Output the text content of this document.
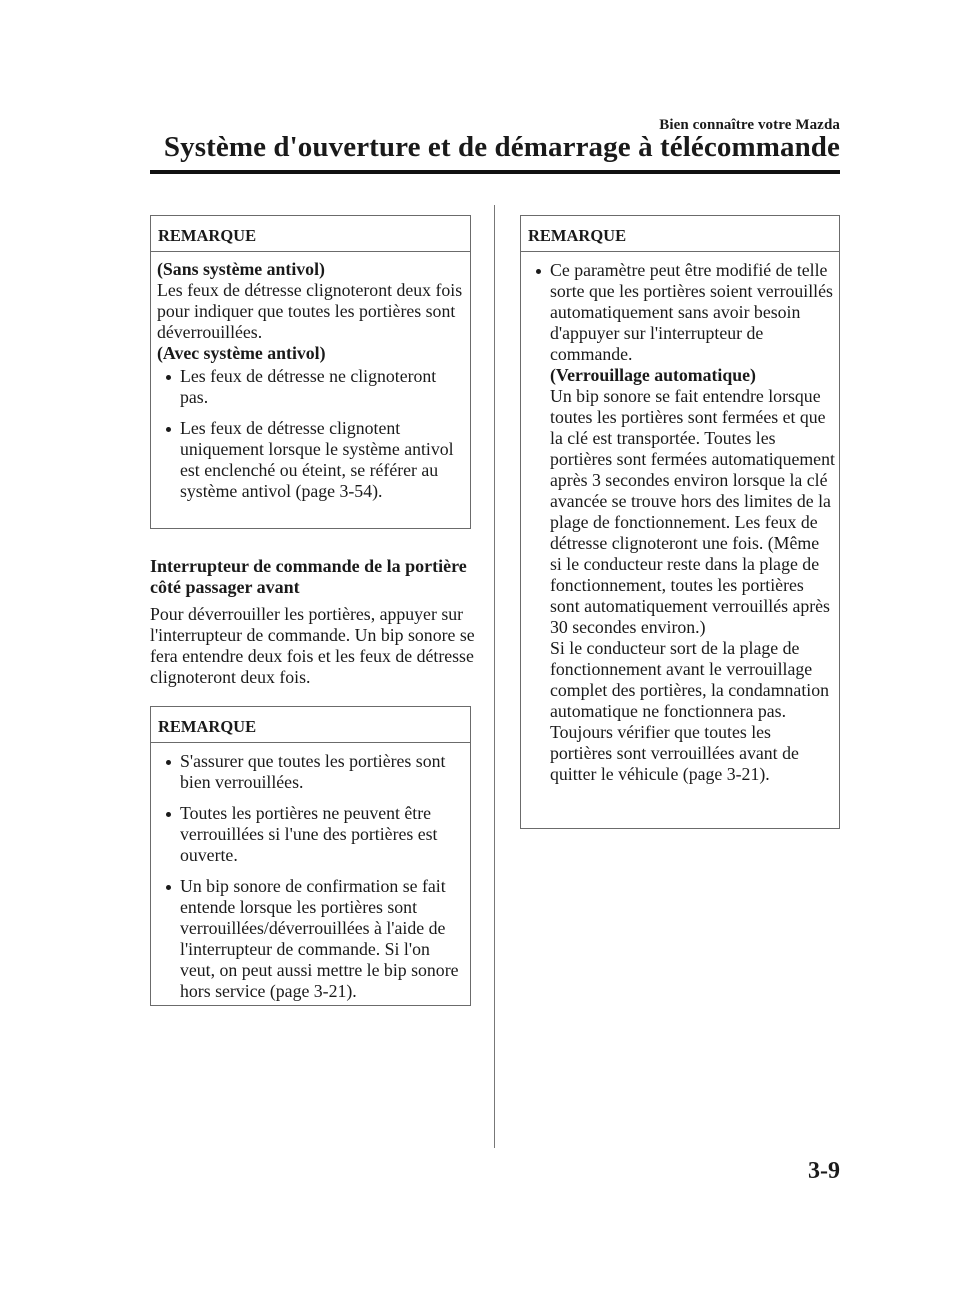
Bien connaître votre Mazda
Système d'ouverture et de démarrage à télécommande
REMARQUE
(Sans système antivol)
Les feux de détresse clignoteront deux fois pour indiquer que toutes les portières sont déverrouillées.
(Avec système antivol)
Les feux de détresse ne clignoteront pas.
Les feux de détresse clignotent uniquement lorsque le système antivol est enclenché ou éteint, se référer au système antivol (page 3-54).
Interrupteur de commande de la portière côté passager avant
Pour déverrouiller les portières, appuyer sur l'interrupteur de commande. Un bip sonore se fera entendre deux fois et les feux de détresse clignoteront deux fois.
REMARQUE
S'assurer que toutes les portières sont bien verrouillées.
Toutes les portières ne peuvent être verrouillées si l'une des portières est ouverte.
Un bip sonore de confirmation se fait entende lorsque les portières sont verrouillées/déverrouillées à l'aide de l'interrupteur de commande. Si l'on veut, on peut aussi mettre le bip sonore hors service (page 3-21).
REMARQUE
Ce paramètre peut être modifié de telle sorte que les portières soient verrouillés automatiquement sans avoir besoin d'appuyer sur l'interrupteur de commande.
(Verrouillage automatique)
Un bip sonore se fait entendre lorsque toutes les portières sont fermées et que la clé est transportée. Toutes les portières sont fermées automatiquement après 3 secondes environ lorsque la clé avancée se trouve hors des limites de la plage de fonctionnement. Les feux de détresse clignoteront une fois. (Même si le conducteur reste dans la plage de fonctionnement, toutes les portières sont automatiquement verrouillés après 30 secondes environ.)
Si le conducteur sort de la plage de fonctionnement avant le verrouillage complet des portières, la condamnation automatique ne fonctionnera pas. Toujours vérifier que toutes les portières sont verrouillées avant de quitter le véhicule (page 3-21).
3-9
